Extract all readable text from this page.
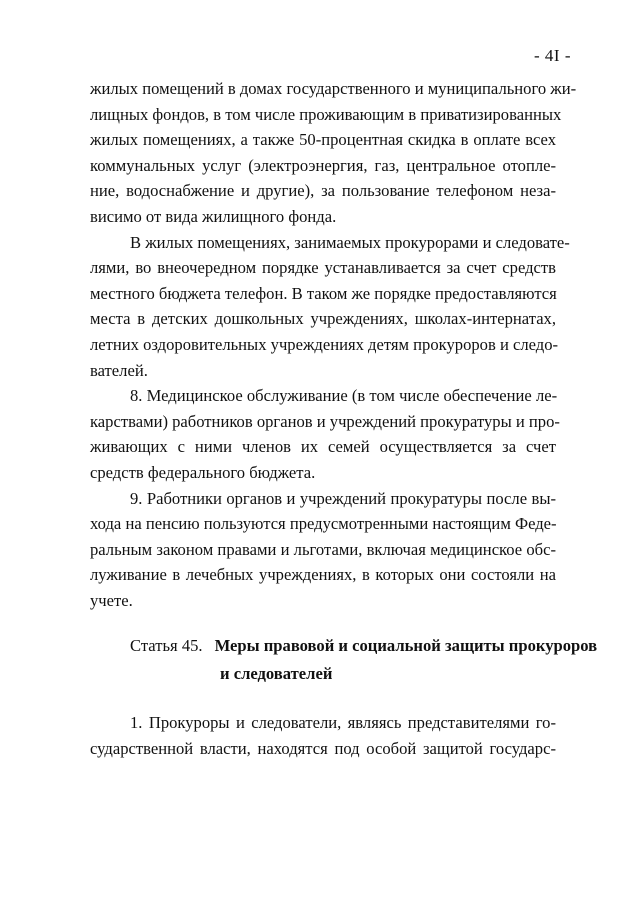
- 4I -
жилых помещений в домах государственного и муниципального жи-
лищных фондов, в том числе проживающим в приватизированных
жилых помещениях, а также 50-процентная скидка в оплате всех
коммунальных услуг (электроэнергия, газ, центральное отопле-
ние, водоснабжение и другие), за пользование телефоном неза-
висимо от вида жилищного фонда.
В жилых помещениях, занимаемых прокурорами и следовате-
лями, во внеочередном порядке устанавливается за счет средств
местного бюджета телефон. В таком же порядке предоставляются
места в детских дошкольных учреждениях, школах-интернатах,
летних оздоровительных учреждениях детям прокуроров и следо-
вателей.
8. Медицинское обслуживание (в том числе обеспечение ле-
карствами) работников органов и учреждений прокуратуры и про-
живающих с ними членов их семей осуществляется за счет
средств федерального бюджета.
9. Работники органов и учреждений прокуратуры после вы-
хода на пенсию пользуются предусмотренными настоящим Феде-
ральным законом правами и льготами, включая медицинское обс-
луживание в лечебных учреждениях, в которых они состояли на
учете.
Статья 45. Меры правовой и социальной защиты прокуроров
и следователей
1. Прокуроры и следователи, являясь представителями го-
сударственной власти, находятся под особой защитой государс-
